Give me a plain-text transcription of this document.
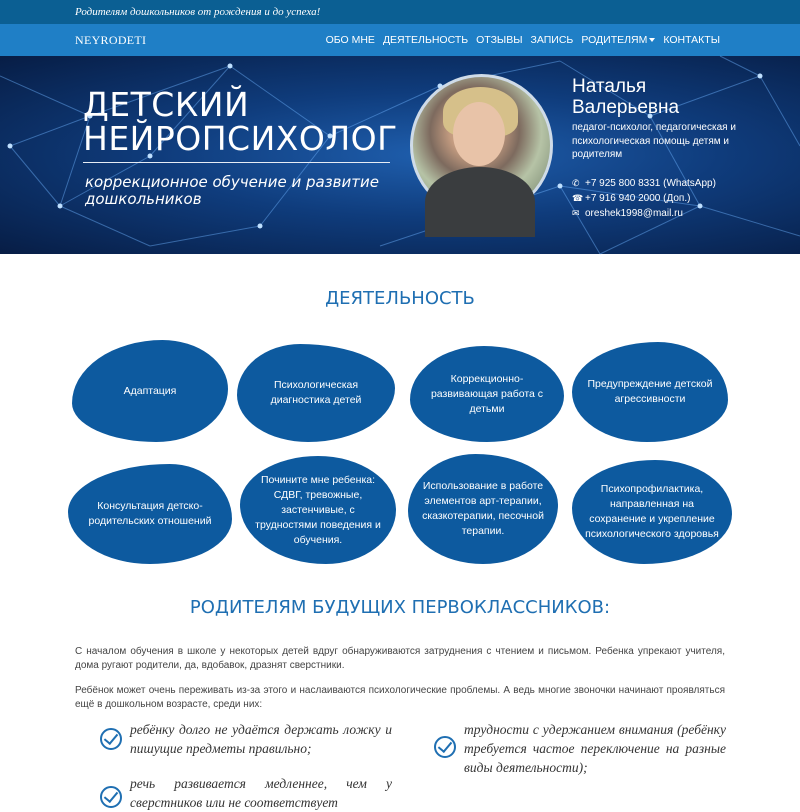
Родителям дошкольников от рождения и до успеха!
NEYRODETI	ОБО МНЕ ДЕЯТЕЛЬНОСТЬ ОТЗЫВЫ ЗАПИСЬ РОДИТЕЛЯМ	КОНТАКТЫ
ДЕТСКИЙ НЕЙРОПСИХОЛОГ
коррекционное обучение и развитие дошкольников
Наталья Валерьевна
педагог-психолог, педагогическая и психологическая помощь детям и родителям
✆ +7 925 800 8331 (WhatsApp)
☎ +7 916 940 2000 (Доп.)
✉ oreshek1998@mail.ru
ДЕЯТЕЛЬНОСТЬ
Адаптация	Психологическая диагностика детей
Коррекционно-развивающая работа с детьми
Предупреждение детской агрессивности
Консультация детско-родительских отношений
Почините мне ребенка: СДВГ, тревожные, застенчивые, с трудностями поведения и обучения.
Использование в работе элементов арт-терапии, сказкотерапии, песочной терапии.
Психопрофилактика, направленная на сохранение и укрепление психологического здоровья
РОДИТЕЛЯМ БУДУЩИХ ПЕРВОКЛАССНИКОВ:

С началом обучения в школе у некоторых детей вдруг обнаруживаются затруднения с чтением и письмом. Ребенка упрекают учителя, дома ругают родители, да, вдобавок, дразнят сверстники.

Ребёнок может очень переживать из-за этого и наслаиваются психологические проблемы. А ведь многие звоночки начинают проявляться ещё в дошкольном возрасте, среди них:

ребёнку долго не удаётся держать ложку и пишущие предметы правильно;
трудности с удержанием внимания (ребёнку требуется частое переключение на разные виды деятельности);
речь развивается медленнее, чем у сверстников или не соответствует
